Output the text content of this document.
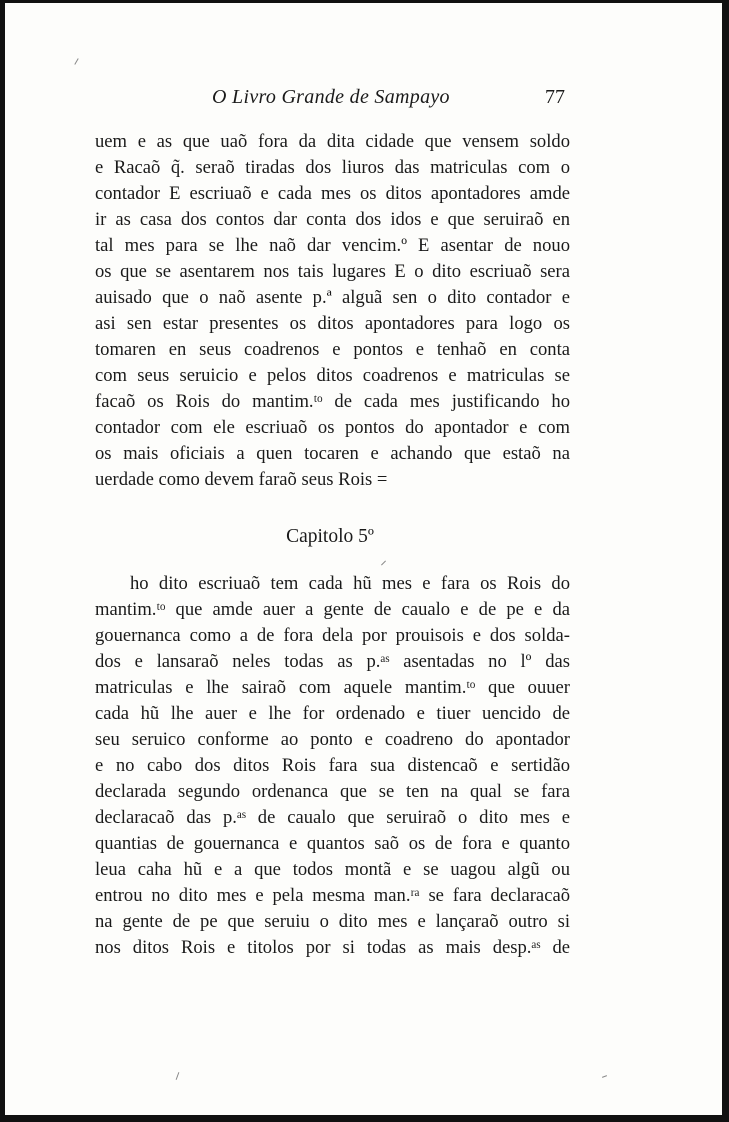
O Livro Grande de Sampayo	77
uem e as que uaõ fora da dita cidade que vensem soldo
e Racaõ q̃. seraõ tiradas dos liuros das matriculas com o
contador E escriuaõ e cada mes os ditos apontadores amde
ir as casa dos contos dar conta dos idos e que seruiraõ en
tal mes para se lhe naõ dar vencim.º E asentar de nouo
os que se asentarem nos tais lugares E o dito escriuaõ sera
auisado que o naõ asente p.ª alguã sen o dito contador e
asi sen estar presentes os ditos apontadores para logo os
tomaren en seus coadrenos e pontos e tenhaõ en conta
com seus seruicio e pelos ditos coadrenos e matriculas se
facaõ os Rois do mantim.ᵗᵒ de cada mes justificando ho
contador com ele escriuaõ os pontos do apontador e com
os mais oficiais a quen tocaren e achando que estaõ na
uerdade como devem faraõ seus Rois =
Capitolo 5º
ho dito escriuaõ tem cada hũ mes e fara os Rois do
mantim.ᵗᵒ que amde auer a gente de caualo e de pe e da
gouernanca como a de fora dela por prouisois e dos solda-
dos e lansaraõ neles todas as p.ᵃˢ asentadas no lº das
matriculas e lhe sairaõ com aquele mantim.ᵗᵒ que ouuer
cada hũ lhe auer e lhe for ordenado e tiuer uencido de
seu seruico conforme ao ponto e coadreno do apontador
e no cabo dos ditos Rois fara sua distencaõ e sertidão
declarada segundo ordenanca que se ten na qual se fara
declaracaõ das p.ᵃˢ de caualo que seruiraõ o dito mes e
quantias de gouernanca e quantos saõ os de fora e quanto
leua caha hũ e a que todos montã e se uagou algũ ou
entrou no dito mes e pela mesma man.ʳᵃ se fara declaracaõ
na gente de pe que seruiu o dito mes e lançaraõ outro si
nos ditos Rois e titolos por si todas as mais desp.ᵃˢ de
